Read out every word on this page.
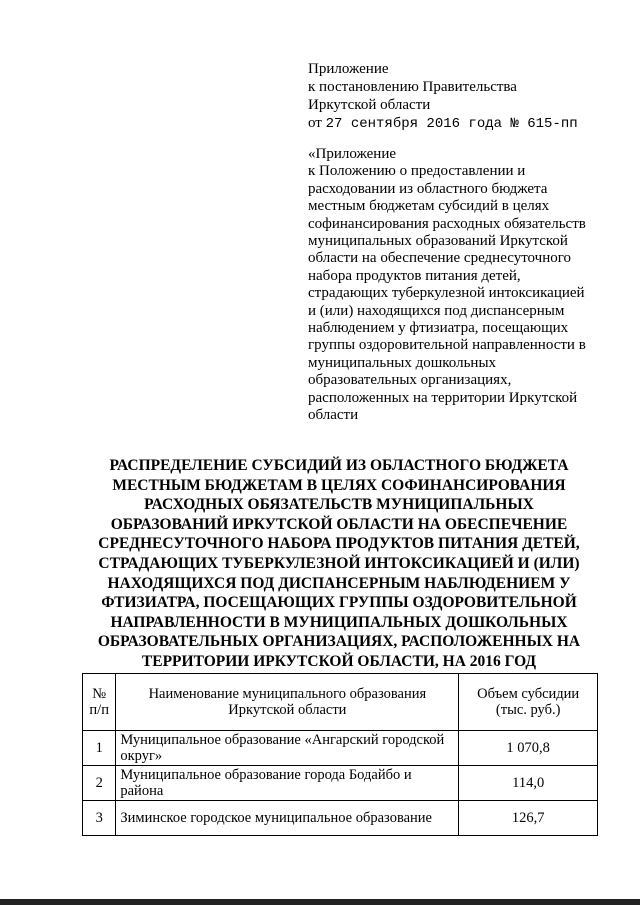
Приложение
к постановлению Правительства
Иркутской области
от 27 сентября 2016 года № 615-пп
«Приложение
к Положению о предоставлении и
расходовании из областного бюджета
местным бюджетам субсидий в целях
софинансирования расходных обязательств
муниципальных образований Иркутской
области на обеспечение среднесуточного
набора продуктов питания детей,
страдающих туберкулезной интоксикацией
и (или) находящихся под диспансерным
наблюдением у фтизиатра, посещающих
группы оздоровительной направленности в
муниципальных дошкольных
образовательных организациях,
расположенных на территории Иркутской
области
РАСПРЕДЕЛЕНИЕ СУБСИДИЙ ИЗ ОБЛАСТНОГО БЮДЖЕТА
МЕСТНЫМ БЮДЖЕТАМ В ЦЕЛЯХ СОФИНАНСИРОВАНИЯ
РАСХОДНЫХ ОБЯЗАТЕЛЬСТВ МУНИЦИПАЛЬНЫХ
ОБРАЗОВАНИЙ ИРКУТСКОЙ ОБЛАСТИ НА ОБЕСПЕЧЕНИЕ
СРЕДНЕСУТОЧНОГО НАБОРА ПРОДУКТОВ ПИТАНИЯ ДЕТЕЙ,
СТРАДАЮЩИХ ТУБЕРКУЛЕЗНОЙ ИНТОКСИКАЦИЕЙ И (ИЛИ)
НАХОДЯЩИХСЯ ПОД ДИСПАНСЕРНЫМ НАБЛЮДЕНИЕМ У
ФТИЗИАТРА, ПОСЕЩАЮЩИХ ГРУППЫ ОЗДОРОВИТЕЛЬНОЙ
НАПРАВЛЕННОСТИ В МУНИЦИПАЛЬНЫХ ДОШКОЛЬНЫХ
ОБРАЗОВАТЕЛЬНЫХ ОРГАНИЗАЦИЯХ, РАСПОЛОЖЕННЫХ НА
ТЕРРИТОРИИ ИРКУТСКОЙ ОБЛАСТИ, НА 2016 ГОД
№ п/п	Наименование муниципального образования Иркутской области	Объем субсидии (тыс. руб.)
1	Муниципальное образование «Ангарский городской округ»	1 070,8
2	Муниципальное образование города Бодайбо и района	114,0
3	Зиминское городское муниципальное образование	126,7
